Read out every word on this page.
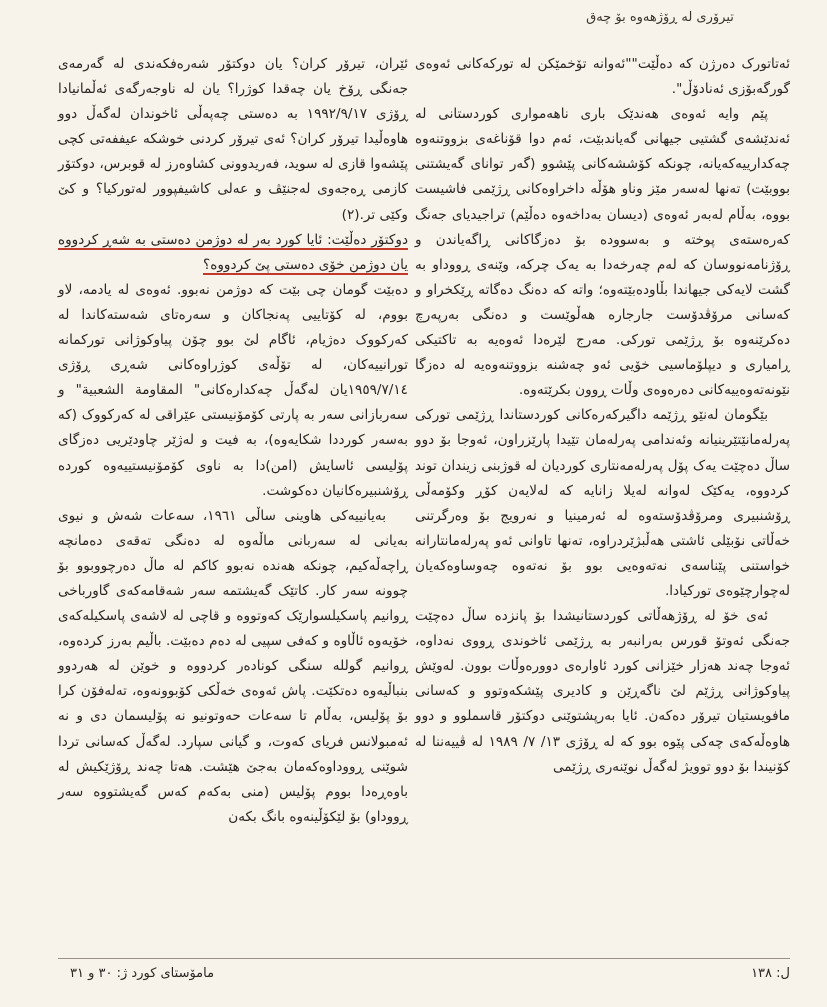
تیرۆری لە ڕۆژهەوە بۆ چەق

ئەتاتورک دەرژن کە دەڵێت""ئەوانە تۆخمێکن لە تورکەکانی ئەوەی گورگەبۆزی ئەنادۆڵ".

پێم وایە ئەوەی هەندێک باری ناهەمواری کوردستانی لە ئەندێشەی گشتیی جیهانی گەیاندبێت، ئەم دوا قۆناغەی بزووتنەوە چەکدارییەکەیانە، چونکە کۆششەکانی پێشوو (گەر توانای گەیشتنی بووبێت) تەنها لەسەر مێز وناو هۆڵە داخراوەکانی ڕژێمی فاشیست بووە، بەڵام لەبەر ئەوەی (دیسان بەداخەوە دەڵێم) تراجیدیای جەنگ کەرەستەی پوختە و بەسوودە بۆ دەزگاکانی ڕاگەیاندن و ڕۆژنامەنووسان کە لەم چەرخەدا بە یەک چرکە، وێنەی ڕووداو بە گشت لایەکی جیهاندا بڵاودەبێتەوە؛ واتە کە دەنگ دەگاتە ڕێکخراو و کەسانی مرۆڤدۆست جارجارە هەڵوێست و دەنگی بەرپەرچ دەکرێنەوە بۆ ڕژێمی تورکی. مەرج لێرەدا ئەوەیە بە تاکتیکی ڕامیاری و دیپلۆماسیی خۆیی ئەو چەشنە بزووتنەوەیە لە دەزگا نێونەتەوەییەکانی دەرەوەی وڵات ڕوون بکرێتەوە.

بێگومان لەنێو ڕژێمە داگیرکەرەکانی کوردستاندا ڕژێمی تورکی پەرلەمانێتێرینیانە وئەندامی پەرلەمان تێیدا پارێزراون، ئەوجا بۆ دوو ساڵ دەچێت یەک پۆل پەرلەمەنتاری کوردیان لە قوژبنی زیندان توند کردووە، یەکێک لەوانە لەیلا زانایە کە لەلایەن کۆڕ وکۆمەڵی ڕۆشنبیری ومرۆڤدۆستەوە لە ئەرمینیا و نەرویج بۆ وەرگرتنی خەڵاتی نۆبێلی ئاشتی هەڵبژێردراوە، تەنها تاوانی ئەو پەرلەمانتارانە خواستنی پێناسەی نەتەوەیی بوو بۆ نەتەوە چەوساوەکەیان لەچوارچێوەی تورکیادا.

ئەی خۆ لە ڕۆژهەڵاتی کوردستانیشدا بۆ پانزدە ساڵ دەچێت جەنگی ئەوتۆ قورس بەرانبەر بە ڕژێمی ئاخوندی ڕووی نەداوە، ئەوجا چەند هەزار خێزانی کورد ئاوارەی دوورەوڵات بوون. لەوێش پیاوکوژانی ڕژێم لێ ناگەڕێن و کادیری پێشکەوتوو و کەسانی مافویستیان تیرۆر دەکەن. ئایا بەرپشتوێنی دوکتۆر قاسملوو و دوو هاوەڵەکەی چەکی پێوە بوو کە لە ڕۆژی ١٣/ ٧/ ١٩٨٩ لە ڤییەننا لە کۆنیندا بۆ دوو توویژ لەگەڵ نوێنەری ڕژێمی

ئێران، تیرۆر کران؟ یان دوکتۆر شەرەفکەندی لە گەرمەی جەنگی ڕۆخ یان چەقدا کوژرا؟ یان لە ناوجەرگەی ئەڵمانیادا ڕۆژی ١٩٩٢/٩/١٧ بە دەستی چەپەڵی ئاخوندان لەگەڵ دوو هاوەڵیدا تیرۆر کران؟ ئەی تیرۆر کردنی خوشکە عیففەتی کچی پێشەوا قازی لە سوید، فەریدوونی کشاوەرز لە قوبرس، دوکتۆر کازمی ڕەجەوی لەجنێڤ و عەلی کاشیفپوور لەتورکیا؟ و کێ وکێی تر.(٢)

دوکتۆر دەڵێت: ئایا کورد بەر لە دوژمن دەستی بە شەڕ کردووە یان دوژمن خۆی دەستی پێ کردووە؟

دەبێت گومان چی بێت کە دوژمن نەبوو. ئەوەی لە یادمە، لاو بووم، لە کۆتاییی پەنجاکان و سەرەتای شەستەکاندا لە کەرکووک دەژیام، ئاگام لێ بوو چۆن پیاوکوژانی تورکمانە تورانییەکان، لە تۆڵەی کوژراوەکانی شەڕی ڕۆژی ١٩٥٩/٧/١٤یان لەگەڵ چەکدارەکانی" المقاومة الشعبیة" و سەربازانی سەر بە پارتی کۆمۆنیستی عێراقی لە کەرکووک (کە بەسەر کورددا شکایەوە)، بە فیت و لەژێر چاودێریی دەزگای پۆلیسی ئاسایش (امن)دا بە ناوی کۆمۆنیستییەوە کوردە ڕۆشنبیرەکانیان دەکوشت.

بەیانییەکی هاوینی ساڵی ١٩٦١، سەعات شەش و نیوی بەیانی لە سەربانی ماڵەوە لە دەنگی تەقەی دەمانچە ڕاچەڵەکیم، چونکە هەندە نەبوو کاکم لە ماڵ دەرچووبوو بۆ چوونە سەر کار. کاتێک گەیشتمە سەر شەقامەکەی گاورباخی ڕوانیم پاسکیلسوارێک کەوتووە و قاچی لە لاشەی پاسکیلەکەی خۆیەوە ئاڵاوە و کەفی سپیی لە دەم دەبێت. باڵیم بەرز کردەوە، ڕوانیم گوللە سنگی کونادەر کردووە و خوێن لە هەردوو بنباڵیەوە دەتکێت. پاش ئەوەی خەڵکی کۆبوونەوە، تەلەفۆن کرا بۆ پۆلیس، بەڵام تا سەعات حەوتونیو نە پۆلیسمان دی و نە ئەمبولانس فریای کەوت، و گیانی سپارد. لەگەڵ کەسانی تردا شوێنی ڕووداوەکەمان بەجێ هێشت. هەتا چەند ڕۆژێکیش لە باوەڕەدا بووم پۆلیس (منی بەکەم کەس گەیشتووە سەر ڕووداو) بۆ لێکۆڵینەوە بانگ بکەن

ل: ١٣٨
مامۆستای کورد ژ: ٣٠ و ٣١
